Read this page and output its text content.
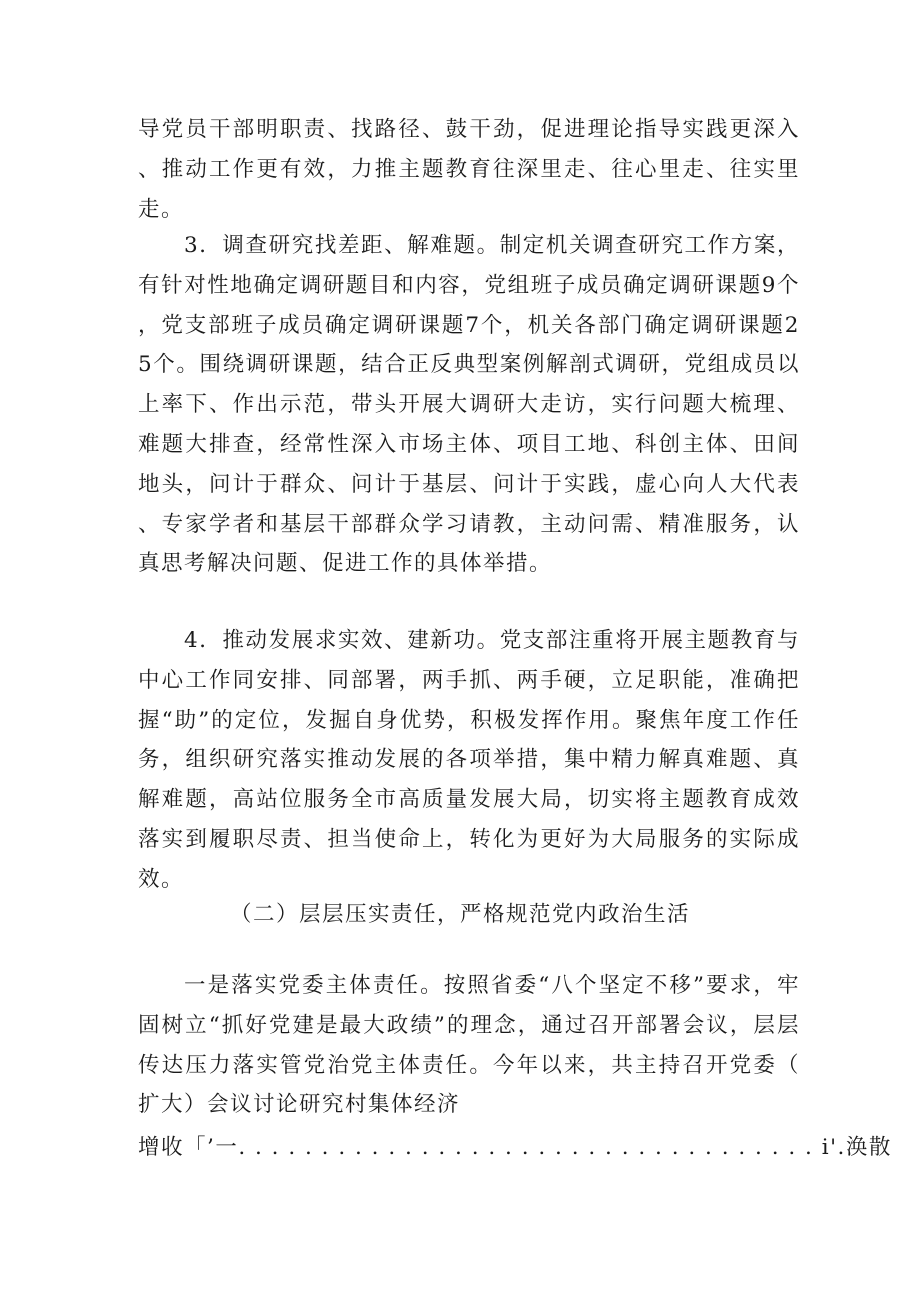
导党员干部明职责、找路径、鼓干劲，促进理论指导实践更深入、推动工作更有效，力推主题教育往深里走、往心里走、往实里走。

3．调查研究找差距、解难题。制定机关调查研究工作方案，有针对性地确定调研题目和内容，党组班子成员确定调研课题9个，党支部班子成员确定调研课题7个，机关各部门确定调研课题25个。围绕调研课题，结合正反典型案例解剖式调研，党组成员以上率下、作出示范，带头开展大调研大走访，实行问题大梳理、难题大排查，经常性深入市场主体、项目工地、科创主体、田间地头，问计于群众、问计于基层、问计于实践，虚心向人大代表、专家学者和基层干部群众学习请教，主动问需、精准服务，认真思考解决问题、促进工作的具体举措。

4．推动发展求实效、建新功。党支部注重将开展主题教育与中心工作同安排、同部署，两手抓、两手硬，立足职能，准确把握“助”的定位，发掘自身优势，积极发挥作用。聚焦年度工作任务，组织研究落实推动发展的各项举措，集中精力解真难题、真解难题，高站位服务全市高质量发展大局，切实将主题教育成效落实到履职尽责、担当使命上，转化为更好为大局服务的实际成效。

（二）层层压实责任，严格规范党内政治生活

一是落实党委主体责任。按照省委“八个坚定不移”要求，牢固树立“抓好党建是最大政绩”的理念，通过召开部署会议，层层传达压力落实管党治党主体责任。今年以来，共主持召开党委（扩大）会议讨论研究村集体经济

增收「’一. . . . . . . . . . . . . . . . . . . . . . . . . . . . . . . . . . . i'.涣散
